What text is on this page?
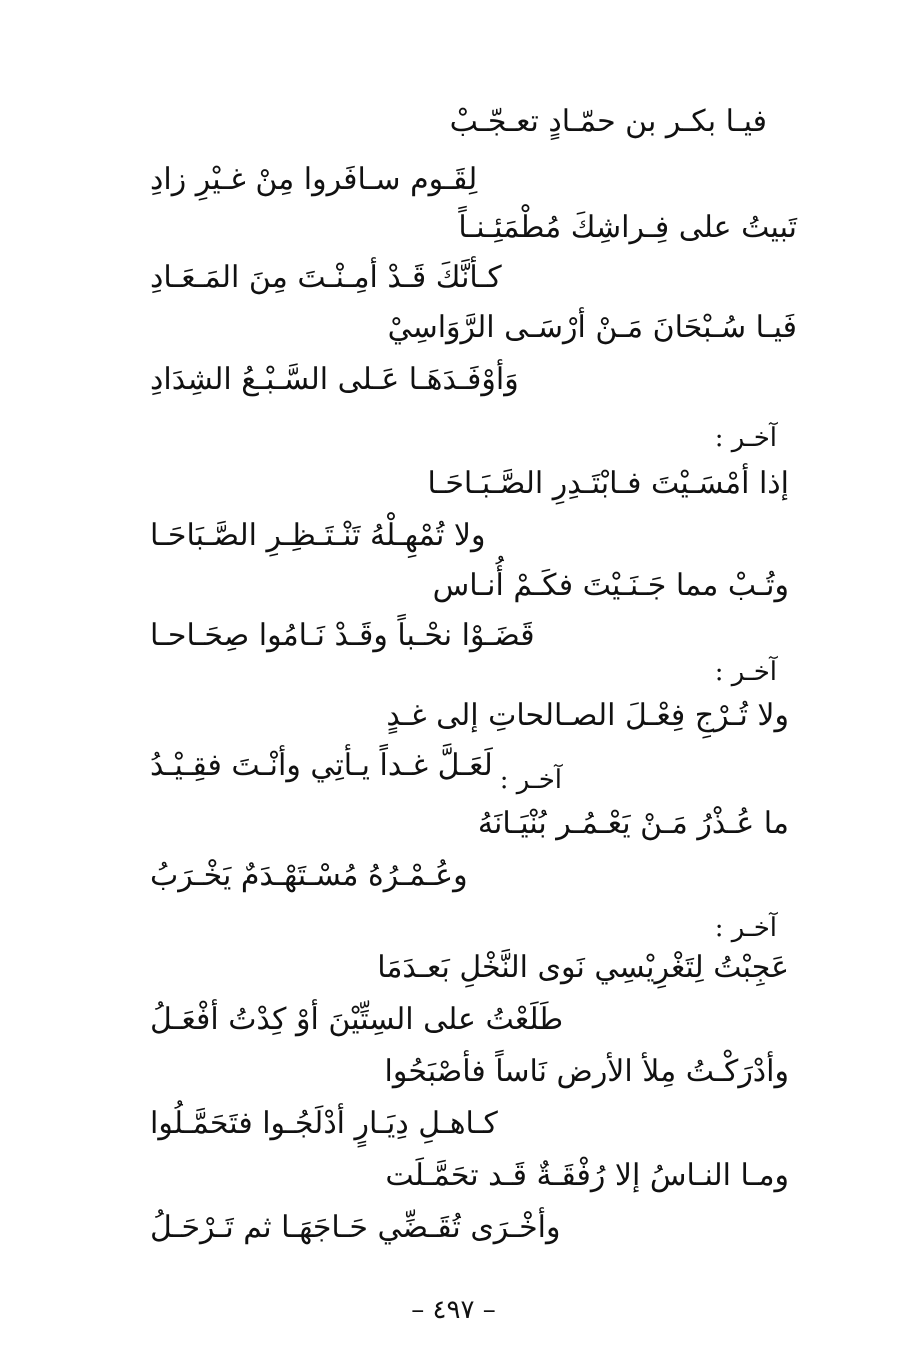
فيـا بكـر بن حمّـادٍ تعـجّـبْ
لِقَـوم سـافَروا مِنْ غـيْرِ زادِ
تَبيتُ على فِـراشِكَ مُطْمَئِـنـاً
كـأنَّكَ قَـدْ أمِـنْـتَ مِنَ المَـعَـادِ
فَيـا سُـبْحَانَ مَـنْ أرْسَـى الرَّوَاسِيْ
وَأوْفَـدَهَـا عَـلى السَّـبْـعُ الشِدَادِ
آخـر :
إذا أمْسَـيْتَ فـابْتَـدِرِ الصَّـبَـاحَـا
ولا تُمْهِـلْهُ تَنْـتَـظِـرِ الصَّـبَاحَـا
وتُـبْ مما جَـنَـيْتَ فكَـمْ أُنـاس
قَضَـوْا نحْـباً وقَـدْ نَـامُوا صِحَـاحـا
آخـر :
ولا تُـرْجِ فِعْـلَ الصـالحاتِ إلى غـدٍ
لَعَـلَّ غـداً يـأتِي وأنْـتَ فقِـيْـدُ آخـر :
ما عُـذْرُ مَـنْ يَعْـمُـر بُنْيَـانَهُ
وعُـمْـرُهُ مُسْـتَهْـدَمٌ يَخْـرَبُ
آخـر :
عَجِبْتُ لِتَغْرِيْسِي نَوى النَّخْلِ بَعـدَمَا
طَلَعْتُ على السِتِّيْنَ أوْ كِدْتُ أفْعَـلُ
وأدْرَكْـتُ مِلأ الأرض نَاساً فأصْبَحُوا
كـاهـلِ دِيَـارٍ أدْلَجُـوا فتَحَمَّـلُوا
ومـا النـاسُ إلا رُفْقَـةٌ قَـد تحَمَّـلَت
وأخْـرَى تُقَـضِّي حَـاجَهَـا ثم تَـرْحَـلُ
– ٤٩٧ –
